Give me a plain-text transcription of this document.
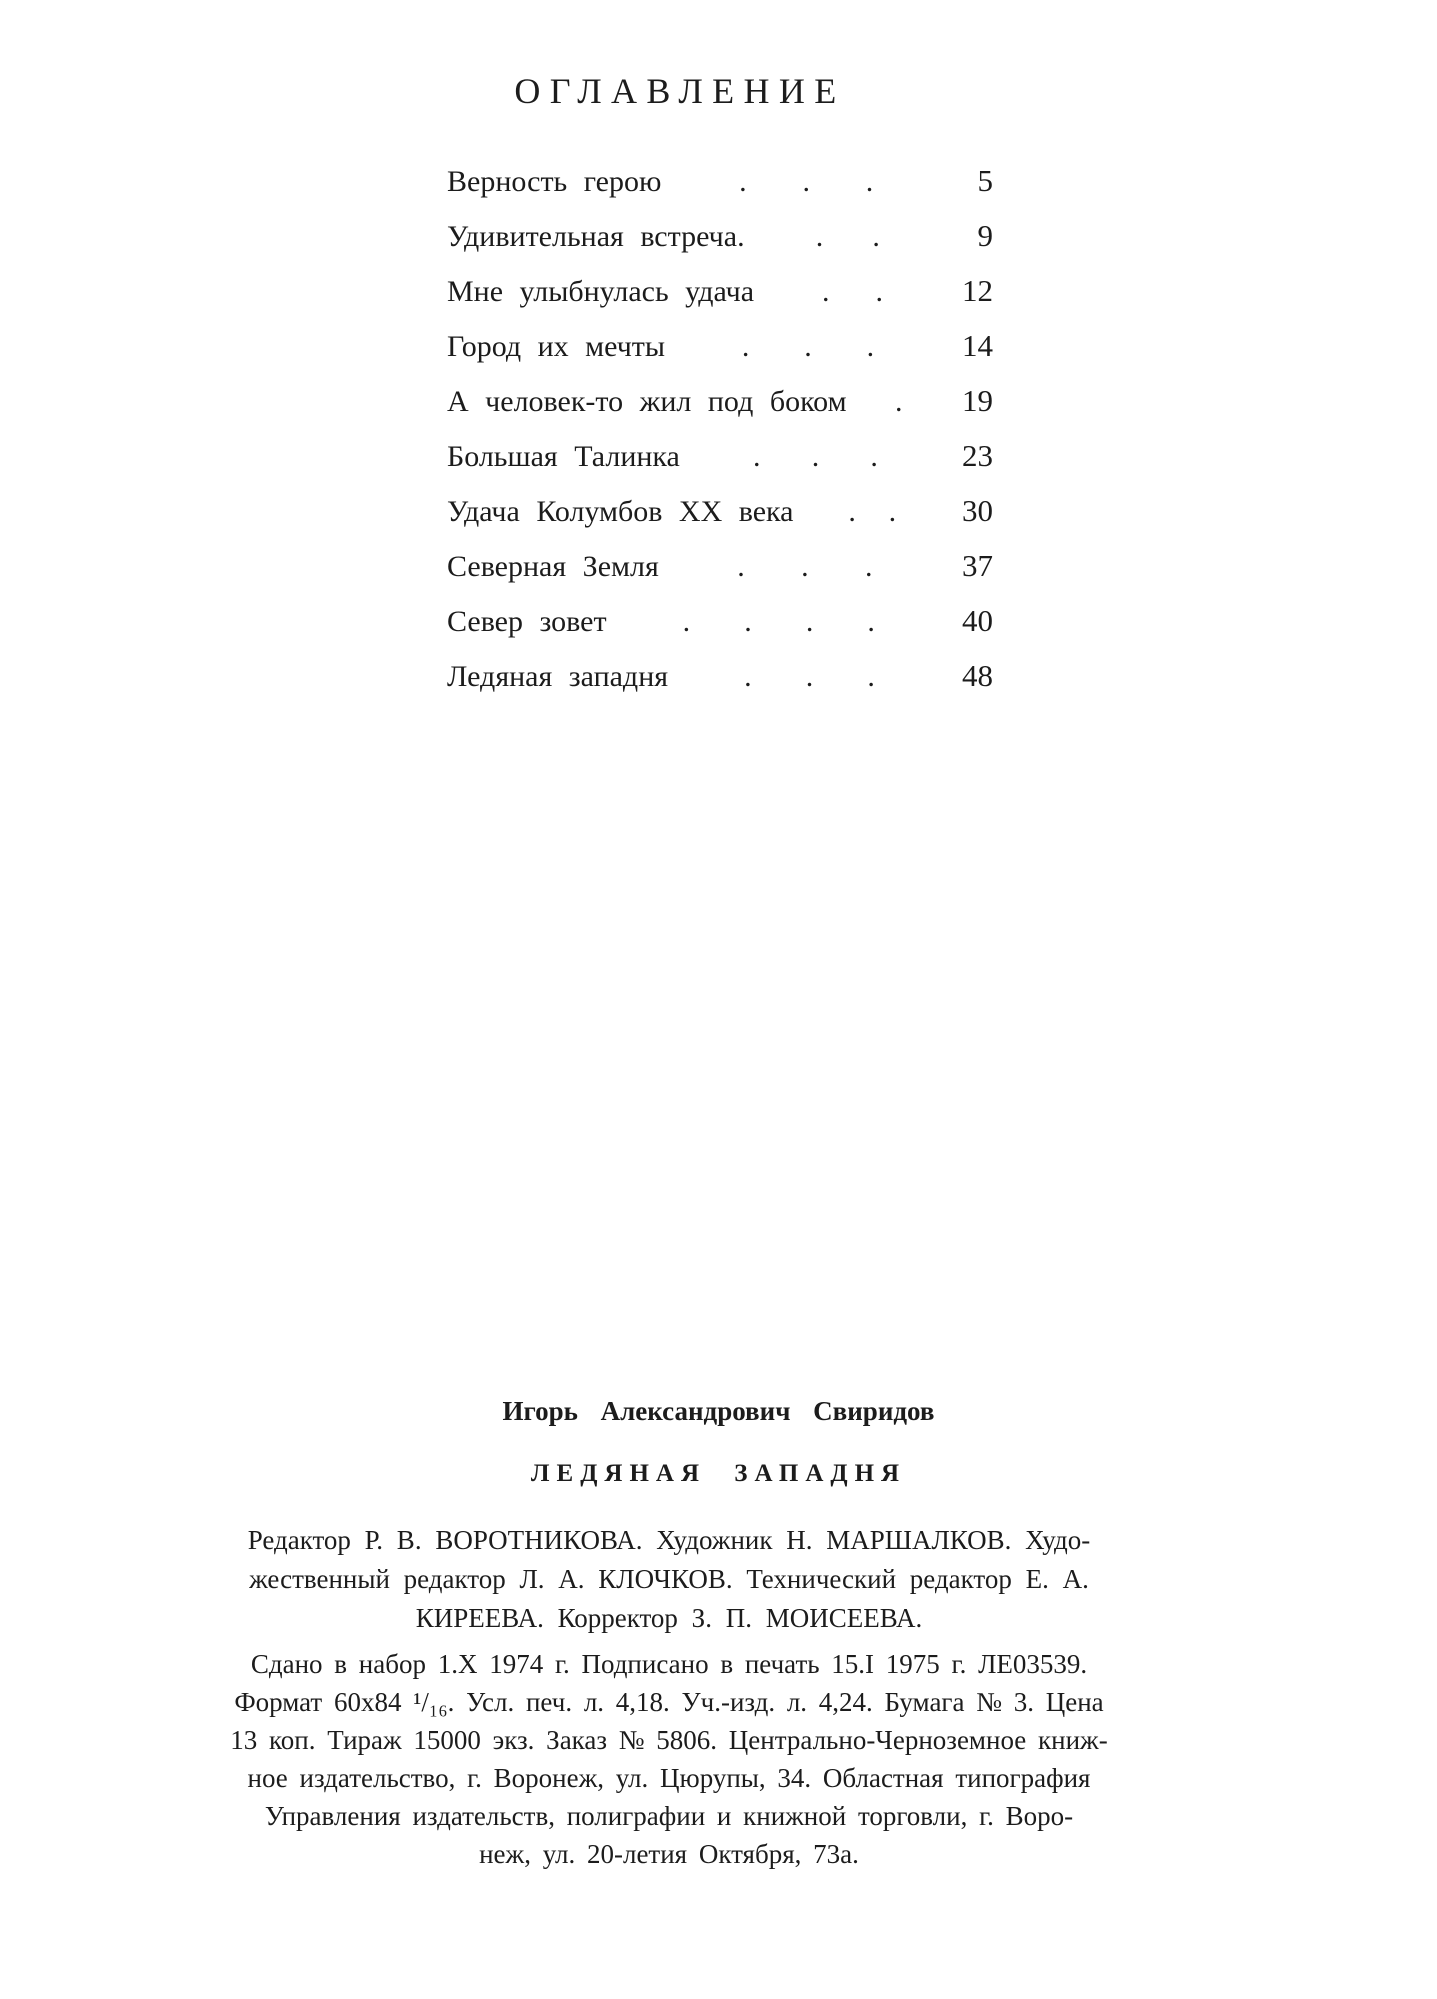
ОГЛАВЛЕНИЕ
Верность герою	. . .	5
Удивительная встреча. . .	9
Мне улыбнулась удача . .	12
Город их мечты	. . .	14
А человек-то жил под боком .	19
Большая Талинка . . .	23
Удача Колумбов XX века . .	30
Северная Земля	. . .	37
Север зовет	. . . .	40
Ледяная западня	. . .	48
Игорь Александрович Свиридов
ЛЕДЯНАЯ ЗАПАДНЯ
Редактор Р. В. ВОРОТНИКОВА. Художник Н. МАРШАЛКОВ. Худо-
жественный редактор Л. А. КЛОЧКОВ. Технический редактор Е. А.
КИРЕЕВА. Корректор З. П. МОИСЕЕВА.
Сдано в набор 1.X 1974 г. Подписано в печать 15.I 1975 г. ЛЕ03539.
Формат 60х84 ¹/₁₆. Усл. печ. л. 4,18. Уч.-изд. л. 4,24. Бумага № 3. Цена
13 коп. Тираж 15000 экз. Заказ № 5806. Центрально-Черноземное книж-
ное издательство, г. Воронеж, ул. Цюрупы, 34. Областная типография
Управления издательств, полиграфии и книжной торговли, г. Воро-
неж, ул. 20-летия Октября, 73а.
